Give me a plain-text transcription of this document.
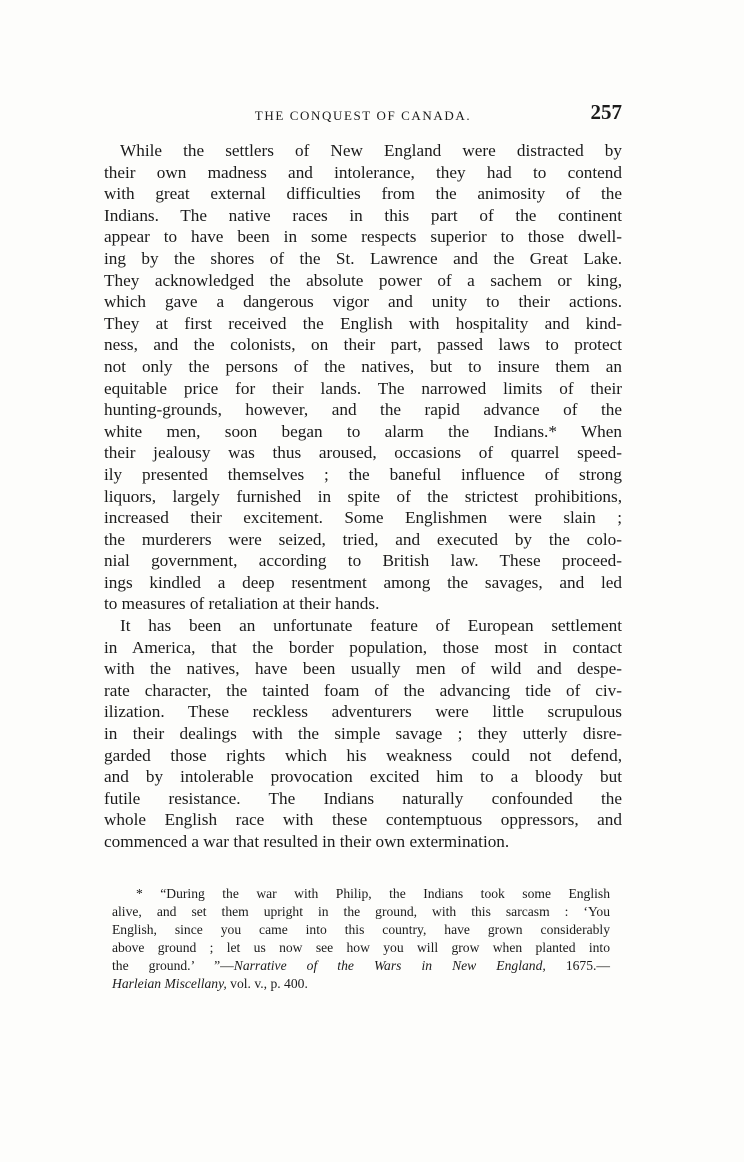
THE CONQUEST OF CANADA.	257
While the settlers of New England were distracted by
their own madness and intolerance, they had to contend
with great external difficulties from the animosity of the
Indians. The native races in this part of the continent
appear to have been in some respects superior to those dwell-
ing by the shores of the St. Lawrence and the Great Lake.
They acknowledged the absolute power of a sachem or king,
which gave a dangerous vigor and unity to their actions.
They at first received the English with hospitality and kind-
ness, and the colonists, on their part, passed laws to protect
not only the persons of the natives, but to insure them an
equitable price for their lands. The narrowed limits of their
hunting-grounds, however, and the rapid advance of the
white men, soon began to alarm the Indians.* When
their jealousy was thus aroused, occasions of quarrel speed-
ily presented themselves ; the baneful influence of strong
liquors, largely furnished in spite of the strictest prohibitions,
increased their excitement. Some Englishmen were slain ;
the murderers were seized, tried, and executed by the colo-
nial government, according to British law. These proceed-
ings kindled a deep resentment among the savages, and led
to measures of retaliation at their hands.
It has been an unfortunate feature of European settlement
in America, that the border population, those most in contact
with the natives, have been usually men of wild and despe-
rate character, the tainted foam of the advancing tide of civ-
ilization. These reckless adventurers were little scrupulous
in their dealings with the simple savage ; they utterly disre-
garded those rights which his weakness could not defend,
and by intolerable provocation excited him to a bloody but
futile resistance. The Indians naturally confounded the
whole English race with these contemptuous oppressors, and
commenced a war that resulted in their own extermination.
* “During the war with Philip, the Indians took some English
alive, and set them upright in the ground, with this sarcasm : ‘You
English, since you came into this country, have grown considerably
above ground ; let us now see how you will grow when planted into
the ground.’ ”—Narrative of the Wars in New England, 1675.—
Harleian Miscellany, vol. v., p. 400.
